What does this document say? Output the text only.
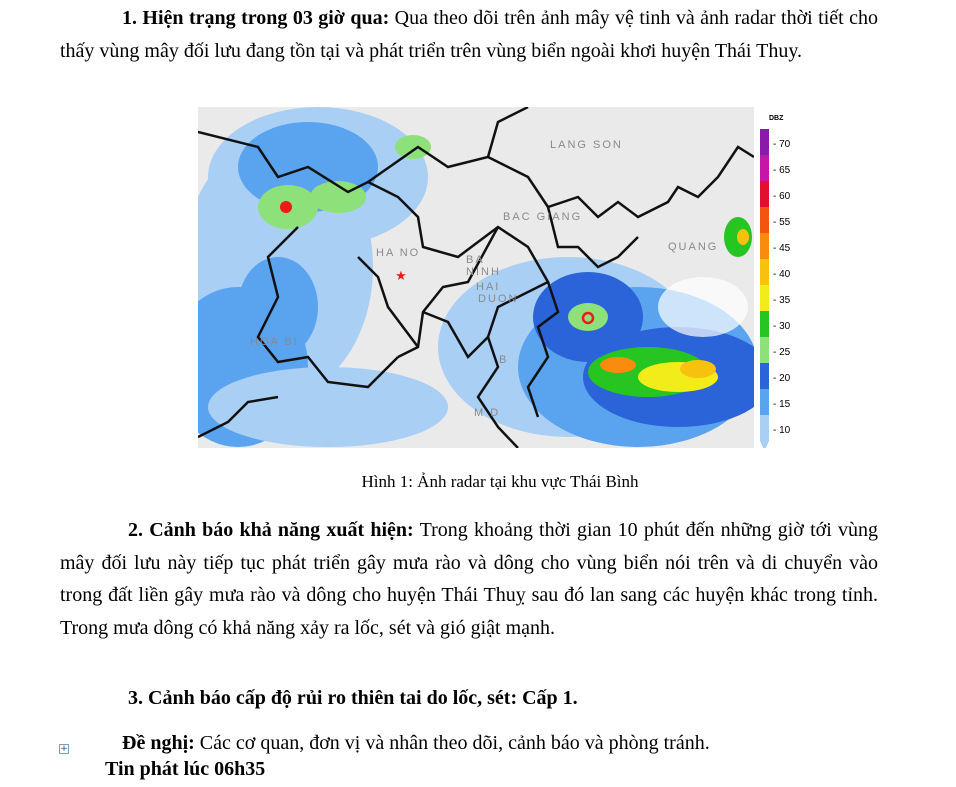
1. Hiện trạng trong 03 giờ qua: Qua theo dõi trên ảnh mây vệ tinh và ảnh radar thời tiết cho thấy vùng mây đối lưu đang tồn tại và phát triển trên vùng biển ngoài khơi huyện Thái Thuy.

★
LANG SON
BAC GIANG
QUANG
HA NO
BA
NINH
HAI
DUON
HOA BI
B
M D
DBZ
- 70
- 65
- 60
- 55
- 45
- 40
- 35
- 30
- 25
- 20
- 15
- 10

Hình 1: Ảnh radar tại khu vực Thái Bình

2. Cảnh báo khả năng xuất hiện: Trong khoảng thời gian 10 phút đến những giờ tới vùng mây đối lưu này tiếp tục phát triển gây mưa rào và dông cho vùng biển nói trên và di chuyển vào trong đất liền gây mưa rào và dông cho huyện Thái Thuỵ sau đó lan sang các huyện khác trong tỉnh. Trong mưa dông có khả năng xảy ra lốc, sét và gió giật mạnh.

3. Cảnh báo cấp độ rủi ro thiên tai do lốc, sét: Cấp 1.

+	Đề nghị: Các cơ quan, đơn vị và nhân theo dõi, cảnh báo và phòng tránh.

Tin phát lúc 06h35
